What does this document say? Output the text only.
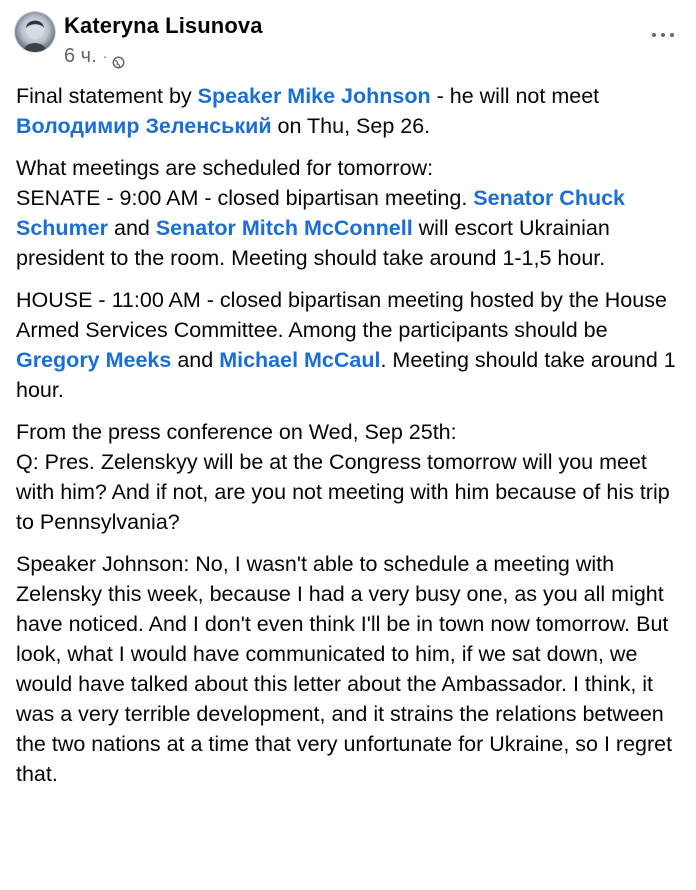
Kateryna Lisunova
6 ч. ·

Final statement by Speaker Mike Johnson - he will not meet
Володимир Зеленський on Thu, Sep 26.

What meetings are scheduled for tomorrow:
SENATE - 9:00 AM - closed bipartisan meeting. Senator Chuck Schumer and Senator Mitch McConnell will escort Ukrainian president to the room. Meeting should take around 1-1,5 hour.

HOUSE - 11:00 AM - closed bipartisan meeting hosted by the House Armed Services Committee. Among the participants should be Gregory Meeks and Michael McCaul. Meeting should take around 1 hour.

From the press conference on Wed, Sep 25th:
Q: Pres. Zelenskyy will be at the Congress tomorrow will you meet with him? And if not, are you not meeting with him because of his trip to Pennsylvania?

Speaker Johnson: No, I wasn't able to schedule a meeting with Zelensky this week, because I had a very busy one, as you all might have noticed. And I don't even think I'll be in town now tomorrow. But look, what I would have communicated to him, if we sat down, we would have talked about this letter about the Ambassador. I think, it was a very terrible development, and it strains the relations between the two nations at a time that very unfortunate for Ukraine, so I regret that.
